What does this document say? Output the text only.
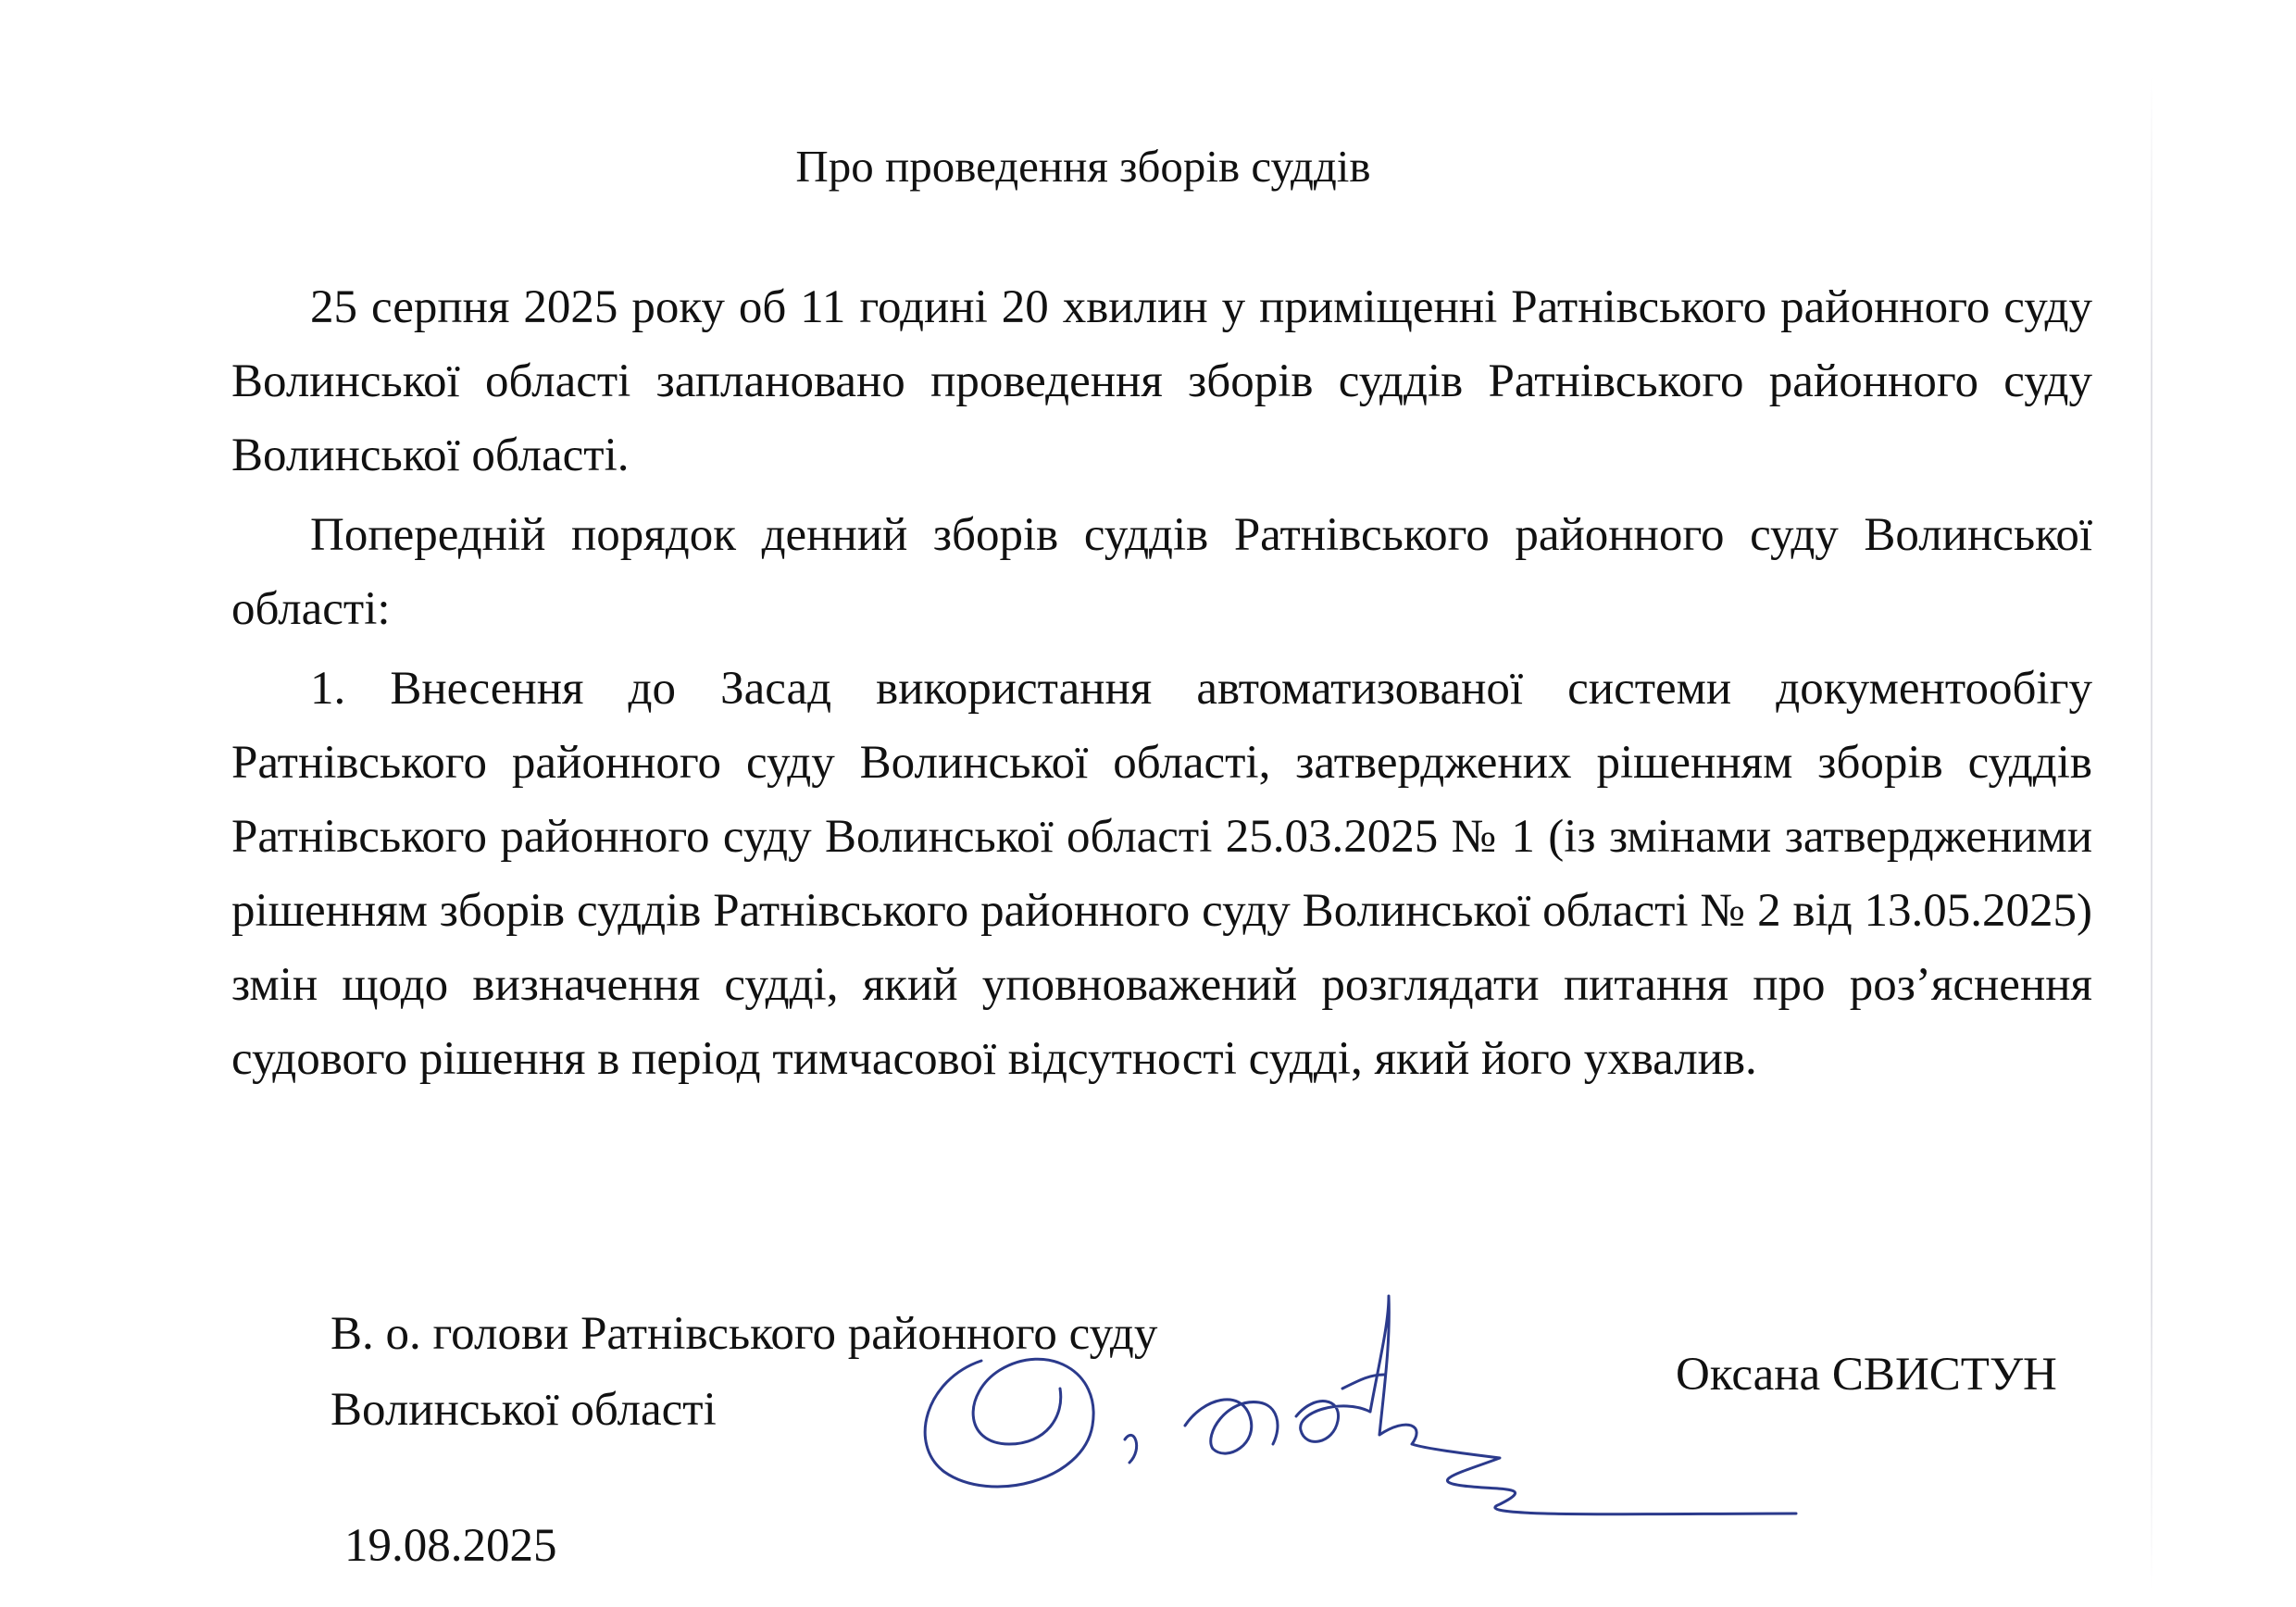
Про проведення зборів суддів

25 серпня 2025 року об 11 годині 20 хвилин у приміщенні Ратнівського районного суду Волинської області заплановано проведення зборів суддів Ратнівського районного суду Волинської області.

Попередній порядок денний зборів суддів Ратнівського районного суду Волинської області:

1. Внесення до Засад використання автоматизованої системи документообігу Ратнівського районного суду Волинської області, затверджених рішенням зборів суддів Ратнівського районного суду Волинської області 25.03.2025 № 1 (із змінами затвердженими рішенням зборів суддів Ратнівського районного суду Волинської області № 2 від 13.05.2025) змін щодо визначення судді, який уповноважений розглядати питання про роз’яснення судового рішення в період тимчасової відсутності судді, який його ухвалив.

В. о. голови Ратнівського районного суду
Волинської області
Оксана СВИСТУН
19.08.2025
